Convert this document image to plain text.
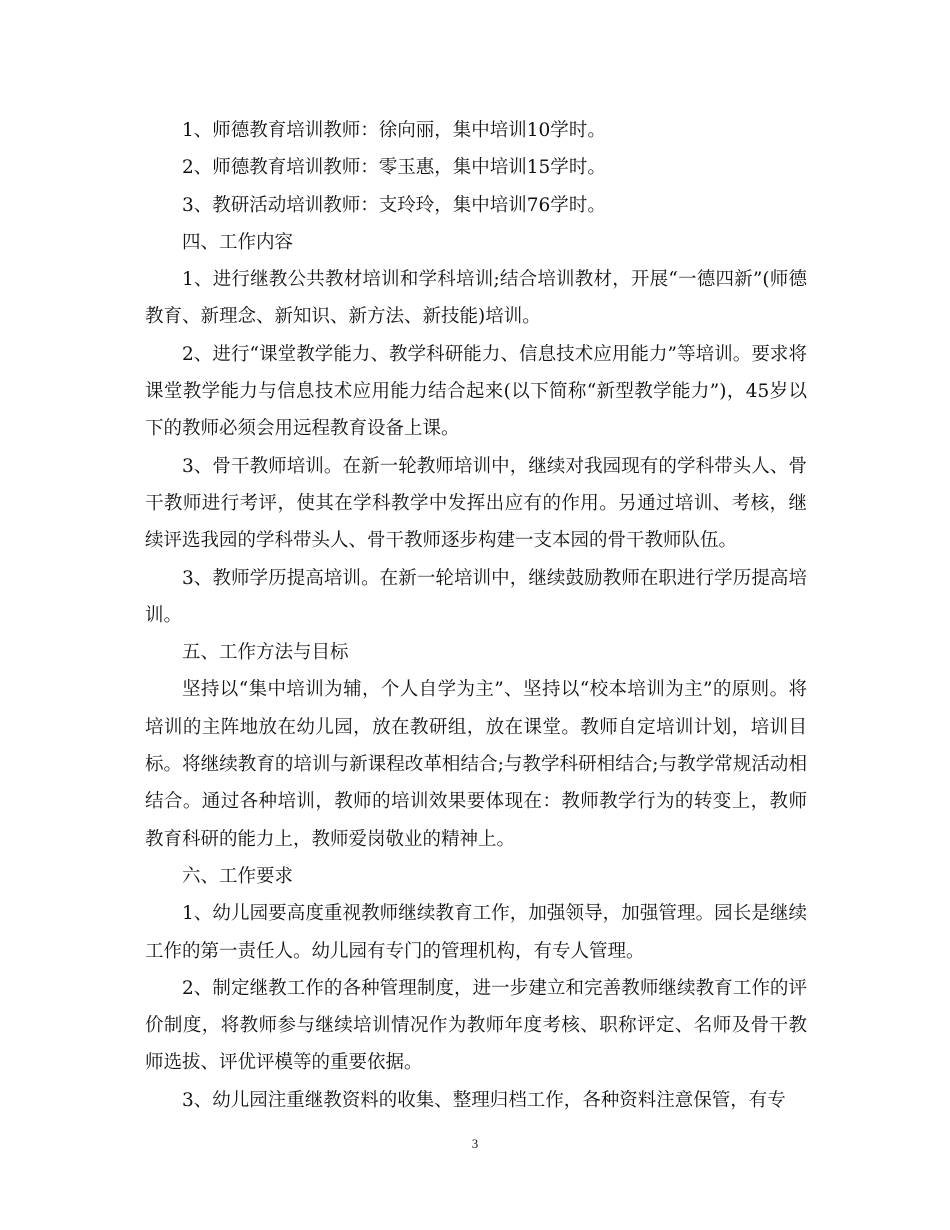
1、师德教育培训教师：徐向丽，集中培训10学时。

2、师德教育培训教师：零玉惠，集中培训15学时。

3、教研活动培训教师：支玲玲，集中培训76学时。

四、工作内容

1、进行继教公共教材培训和学科培训;结合培训教材，开展“一德四新”(师德教育、新理念、新知识、新方法、新技能)培训。

2、进行“课堂教学能力、教学科研能力、信息技术应用能力”等培训。要求将课堂教学能力与信息技术应用能力结合起来(以下简称“新型教学能力”)，45岁以下的教师必须会用远程教育设备上课。

3、骨干教师培训。在新一轮教师培训中，继续对我园现有的学科带头人、骨干教师进行考评，使其在学科教学中发挥出应有的作用。另通过培训、考核，继续评选我园的学科带头人、骨干教师逐步构建一支本园的骨干教师队伍。

3、教师学历提高培训。在新一轮培训中，继续鼓励教师在职进行学历提高培训。

五、工作方法与目标

坚持以“集中培训为辅，个人自学为主”、坚持以“校本培训为主”的原则。将培训的主阵地放在幼儿园，放在教研组，放在课堂。教师自定培训计划，培训目标。将继续教育的培训与新课程改革相结合;与教学科研相结合;与教学常规活动相结合。通过各种培训，教师的培训效果要体现在：教师教学行为的转变上，教师教育科研的能力上，教师爱岗敬业的精神上。

六、工作要求

1、幼儿园要高度重视教师继续教育工作，加强领导，加强管理。园长是继续工作的第一责任人。幼儿园有专门的管理机构，有专人管理。

2、制定继教工作的各种管理制度，进一步建立和完善教师继续教育工作的评价制度，将教师参与继续培训情况作为教师年度考核、职称评定、名师及骨干教师选拔、评优评模等的重要依据。

3、幼儿园注重继教资料的收集、整理归档工作，各种资料注意保管，有专

3
